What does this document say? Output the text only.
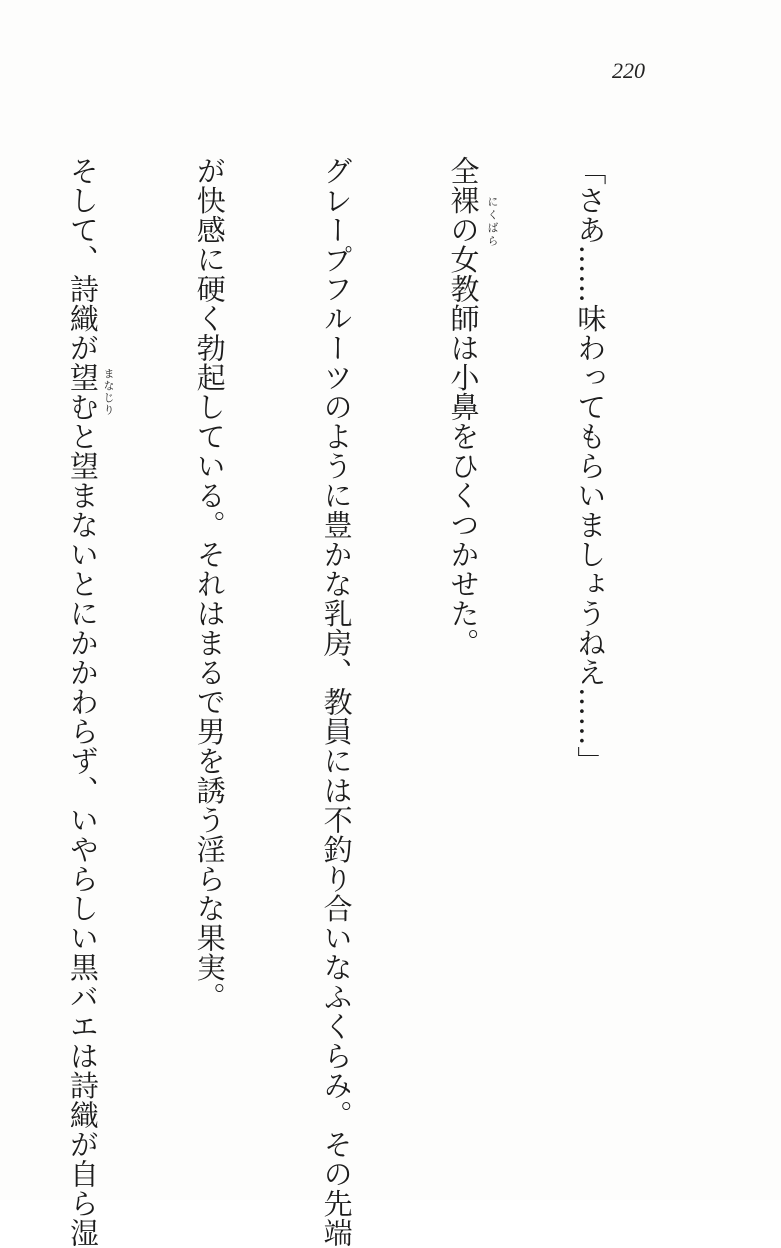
220

「さあ……味わってもらいましょうねえ……」

全裸の女教師は小鼻をひくつかせた。

グレープフルーツのように豊かな乳房、教員には不釣り合いなふくらみ。その先端

が快感に硬く勃起している。それはまるで男を誘う淫らな果実。

そして、詩織が望むと望まないとにかかわらず、いやらしい黒バエは詩織が自ら湿

	にくばら
まなじり
